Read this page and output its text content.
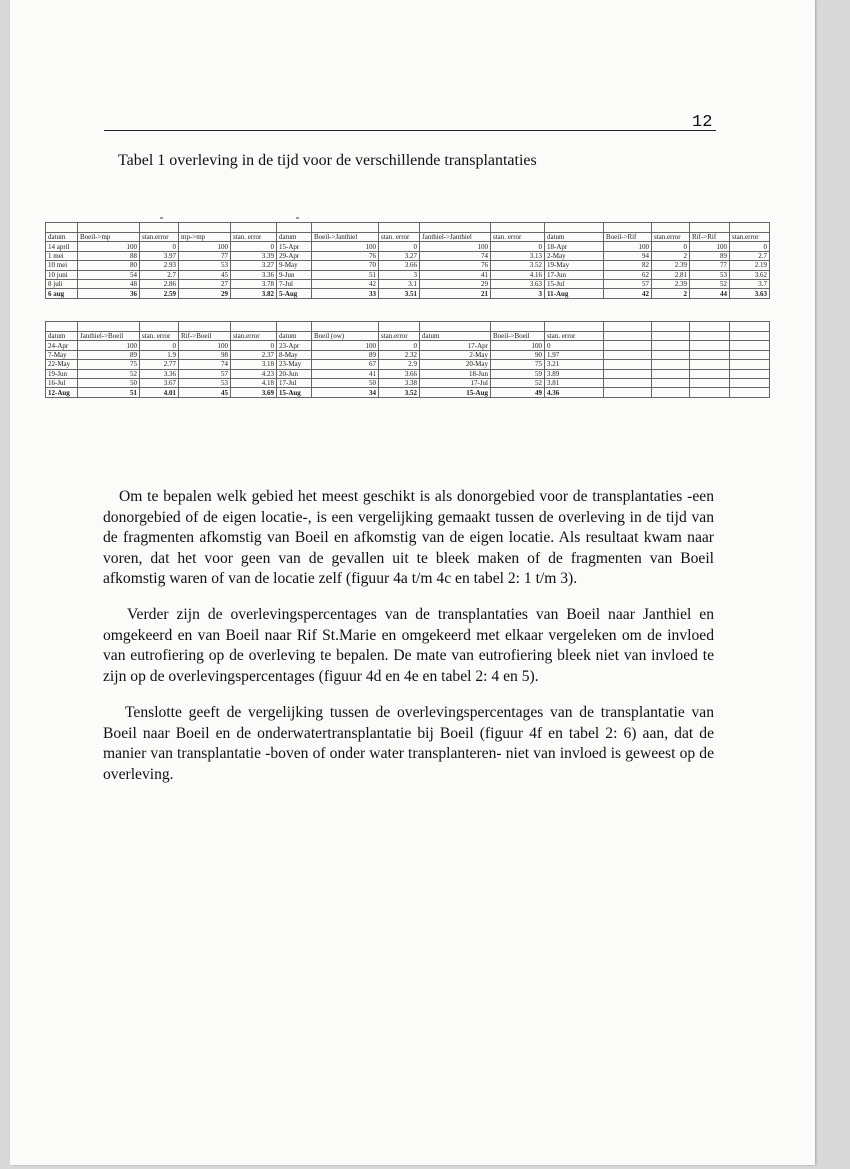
12
Tabel 1 overleving in de tijd voor de verschillende transplantaties

datum	Boeil->mp	stan.error	mp->mp	stan. error	datum	Boeil->Janthiel	stan. error	Janthiel->Janthiel	stan. error	datum	Boeil->Rif	stan.error	Rif->Rif	stan.error
14 april	100	0	100	0	15-Apr	100	0	100	0	18-Apr	100	0	100	0
1 mei	88	3.97	77	3.39	29-Apr	76	3.27	74	3.13	2-May	94	2	89	2.7
10 mei	80	2.93	53	3.27	9-May	70	3.66	76	3.52	19-May	82	2.39	77	2.19
10 juni	54	2.7	45	3.36	9-Jun	51	3	41	4.16	17-Jun	62	2.81	53	3.62
8 juli	48	2.86	27	3.78	7-Jul	42	3.1	29	3.63	15-Jul	57	2.39	52	3.7
6 aug	36	2.59	29	3.82	5-Aug	33	3.51	21	3	11-Aug	42	2	44	3.63

datum	Janthiel->Boeil	stan. error	Rif->Boeil	stan.error	datum	Boeil (ow)	stan.error	datum	Boeil->Boeil	stan. error				
24-Apr	100	0	100	0	23-Apr	100	0	17-Apr	100	0				
7-May	89	1.9	98	2.37	8-May	89	2.32	2-May	90	1.97				
22-May	75	2.77	74	3.18	23-May	67	2.9	20-May	75	3.21				
19-Jun	52	3.36	57	4.23	20-Jun	41	3.66	18-Jun	59	3.89				
16-Jul	50	3.67	53	4.18	17-Jul	50	3.38	17-Jul	52	3.81				
12-Aug	51	4.01	45	3.69	15-Aug	34	3.52	15-Aug	49	4.36				

Om te bepalen welk gebied het meest geschikt is als donorgebied voor de transplantaties -een donorgebied of de eigen locatie-, is een vergelijking gemaakt tussen de overleving in de tijd van de fragmenten afkomstig van Boeil en afkomstig van de eigen locatie. Als resultaat kwam naar voren, dat het voor geen van de gevallen uit te bleek maken of de fragmenten van Boeil afkomstig waren of van de locatie zelf (figuur 4a t/m 4c en tabel 2: 1 t/m 3).

Verder zijn de overlevingspercentages van de transplantaties van Boeil naar Janthiel en omgekeerd en van Boeil naar Rif St.Marie en omgekeerd met elkaar vergeleken om de invloed van eutrofiering op de overleving te bepalen. De mate van eutrofiering bleek niet van invloed te zijn op de overlevingspercentages (figuur 4d en 4e en tabel 2: 4 en 5).

Tenslotte geeft de vergelijking tussen de overlevingspercentages van de transplantatie van Boeil naar Boeil en de onderwatertransplantatie bij Boeil (figuur 4f en tabel 2: 6) aan, dat de manier van transplantatie -boven of onder water transplanteren- niet van invloed is geweest op de overleving.
